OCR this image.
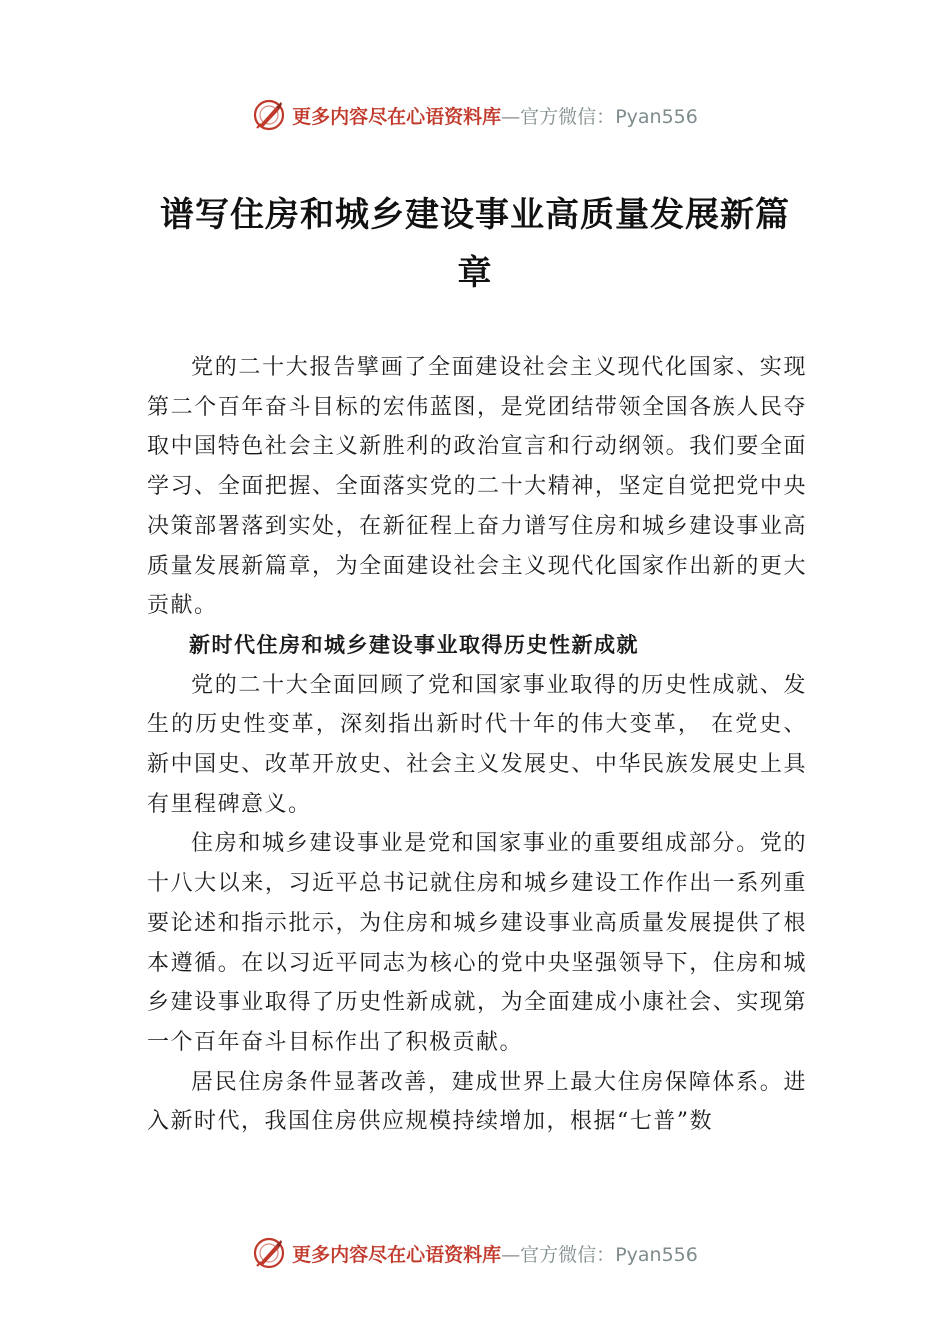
更多内容尽在心语资料库—官方微信：Pyan556
谱写住房和城乡建设事业高质量发展新篇
章

党的二十大报告擘画了全面建设社会主义现代化国家、实现第二个百年奋斗目标的宏伟蓝图，是党团结带领全国各族人民夺取中国特色社会主义新胜利的政治宣言和行动纲领。我们要全面学习、全面把握、全面落实党的二十大精神，坚定自觉把党中央决策部署落到实处，在新征程上奋力谱写住房和城乡建设事业高质量发展新篇章，为全面建设社会主义现代化国家作出新的更大贡献。

新时代住房和城乡建设事业取得历史性新成就

党的二十大全面回顾了党和国家事业取得的历史性成就、发生的历史性变革，深刻指出新时代十年的伟大变革， 在党史、新中国史、改革开放史、社会主义发展史、中华民族发展史上具有里程碑意义。

住房和城乡建设事业是党和国家事业的重要组成部分。党的十八大以来，习近平总书记就住房和城乡建设工作作出一系列重要论述和指示批示，为住房和城乡建设事业高质量发展提供了根本遵循。在以习近平同志为核心的党中央坚强领导下，住房和城乡建设事业取得了历史性新成就，为全面建成小康社会、实现第一个百年奋斗目标作出了积极贡献。

居民住房条件显著改善，建成世界上最大住房保障体系。进入新时代，我国住房供应规模持续增加，根据“七普”数

更多内容尽在心语资料库—官方微信：Pyan556
